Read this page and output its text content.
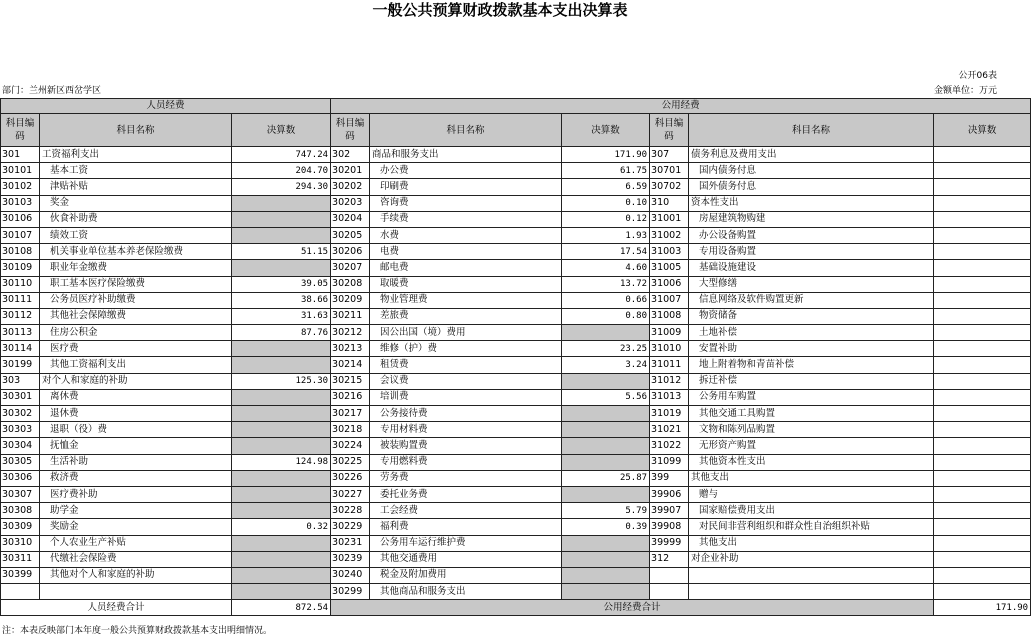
一般公共预算财政拨款基本支出决算表
公开06表
部门：兰州新区西岔学区	金额单位：万元
人员经费			公用经费					
科目编码	科目名称	决算数	科目编码	科目名称	决算数	科目编码	科目名称	决算数
301	工资福利支出	747.24	302	商品和服务支出	171.90	307	债务利息及费用支出	
30101	基本工资	204.70	30201	办公费	61.75	30701	国内债务付息	
30102	津贴补贴	294.30	30202	印刷费	6.59	30702	国外债务付息	
30103	奖金		30203	咨询费	0.10	310	资本性支出	
30106	伙食补助费		30204	手续费	0.12	31001	房屋建筑物购建	
30107	绩效工资		30205	水费	1.93	31002	办公设备购置	
30108	机关事业单位基本养老保险缴费	51.15	30206	电费	17.54	31003	专用设备购置	
30109	职业年金缴费		30207	邮电费	4.60	31005	基础设施建设	
30110	职工基本医疗保险缴费	39.05	30208	取暖费	13.72	31006	大型修缮	
30111	公务员医疗补助缴费	38.66	30209	物业管理费	0.66	31007	信息网络及软件购置更新	
30112	其他社会保障缴费	31.63	30211	差旅费	0.80	31008	物资储备	
30113	住房公积金	87.76	30212	因公出国（境）费用		31009	土地补偿	
30114	医疗费		30213	维修（护）费	23.25	31010	安置补助	
30199	其他工资福利支出		30214	租赁费	3.24	31011	地上附着物和青苗补偿	
303	对个人和家庭的补助	125.30	30215	会议费		31012	拆迁补偿	
30301	离休费		30216	培训费	5.56	31013	公务用车购置	
30302	退休费		30217	公务接待费		31019	其他交通工具购置	
30303	退职（役）费		30218	专用材料费		31021	文物和陈列品购置	
30304	抚恤金		30224	被装购置费		31022	无形资产购置	
30305	生活补助	124.98	30225	专用燃料费		31099	其他资本性支出	
30306	救济费		30226	劳务费	25.87	399	其他支出	
30307	医疗费补助		30227	委托业务费		39906	赠与	
30308	助学金		30228	工会经费	5.79	39907	国家赔偿费用支出	
30309	奖励金	0.32	30229	福利费	0.39	39908	对民间非营利组织和群众性自治组织补贴	
30310	个人农业生产补贴		30231	公务用车运行维护费		39999	其他支出	
30311	代缴社会保险费		30239	其他交通费用		312	对企业补助	
30399	其他对个人和家庭的补助		30240	税金及附加费用				
			30299	其他商品和服务支出				
人员经费合计		872.54	公用经费合计					171.90
注：本表反映部门本年度一般公共预算财政拨款基本支出明细情况。
